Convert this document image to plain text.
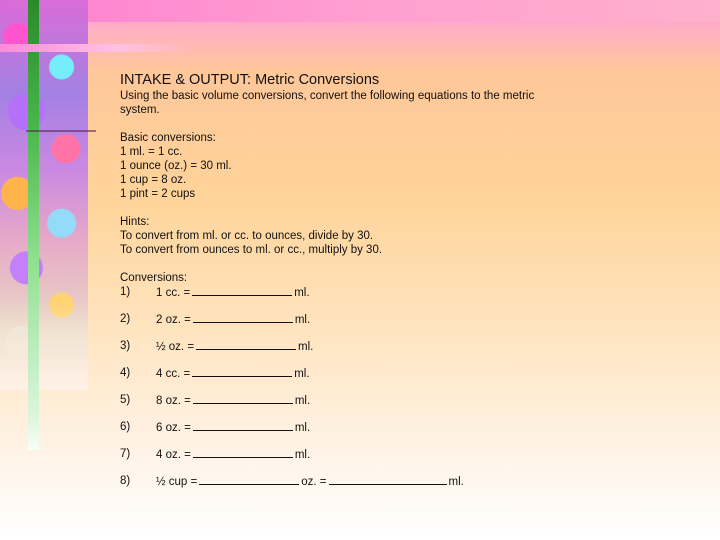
INTAKE & OUTPUT: Metric Conversions

Using the basic volume conversions, convert the following equations to the metric system.

Basic conversions:

1 ml. = 1 cc.

1 ounce (oz.) = 30 ml.

1 cup = 8 oz.

1 pint = 2 cups

Hints:

To convert from ml. or cc. to ounces, divide by 30.

To convert from ounces to ml. or cc., multiply by 30.

Conversions:

1) 1 cc. =	ml.
2) 2 oz. =	ml.
3) ½ oz. =	ml.
4) 4 cc. =	ml.
5) 8 oz. =	ml.
6) 6 oz. =	ml.
7) 4 oz. =	ml.
8) ½ cup =	oz. =	ml.
